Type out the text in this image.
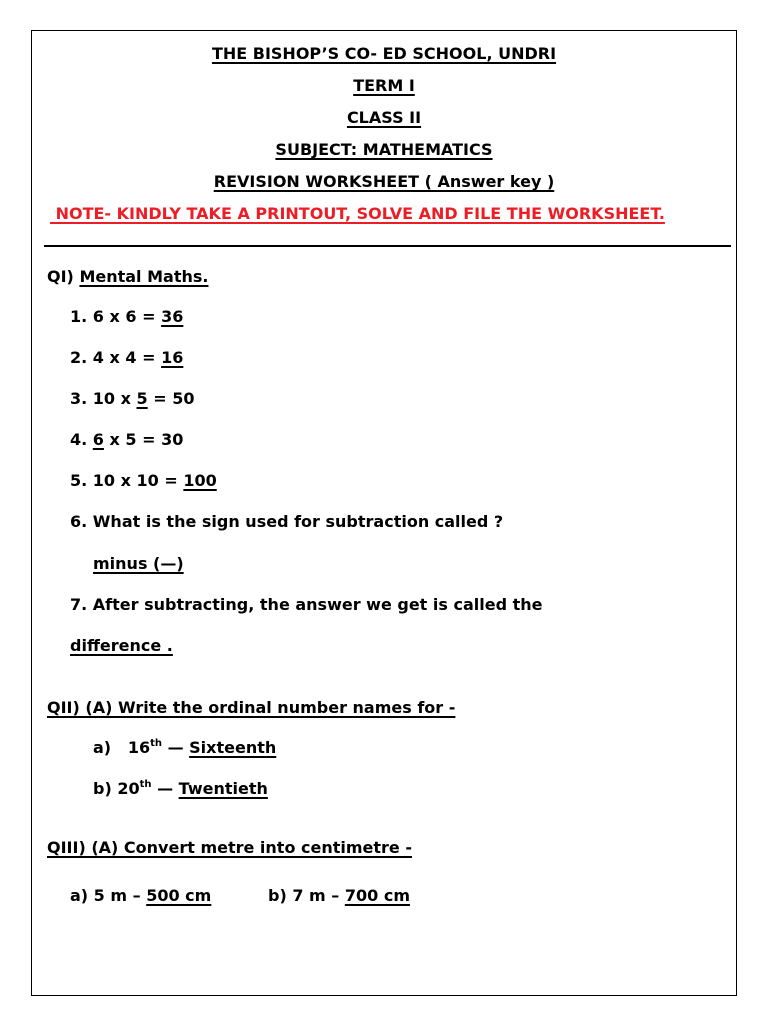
THE BISHOP’S CO- ED SCHOOL, UNDRI
TERM I
CLASS II
SUBJECT: MATHEMATICS
REVISION WORKSHEET ( Answer key )
NOTE- KINDLY TAKE A PRINTOUT, SOLVE AND FILE THE WORKSHEET.
QI) Mental Maths.
1. 6 x 6 = 36
2. 4 x 4 = 16
3. 10 x 5 = 50
4. 6 x 5 = 30
5. 10 x 10 = 100
6. What is the sign used for subtraction called ?
minus (—)
7. After subtracting, the answer we get is called the
difference .
QII) (A) Write the ordinal number names for -
a)   16th — Sixteenth
b) 20th — Twentieth
QIII) (A) Convert metre into centimetre -
a) 5 m – 500 cm	b) 7 m – 700 cm
